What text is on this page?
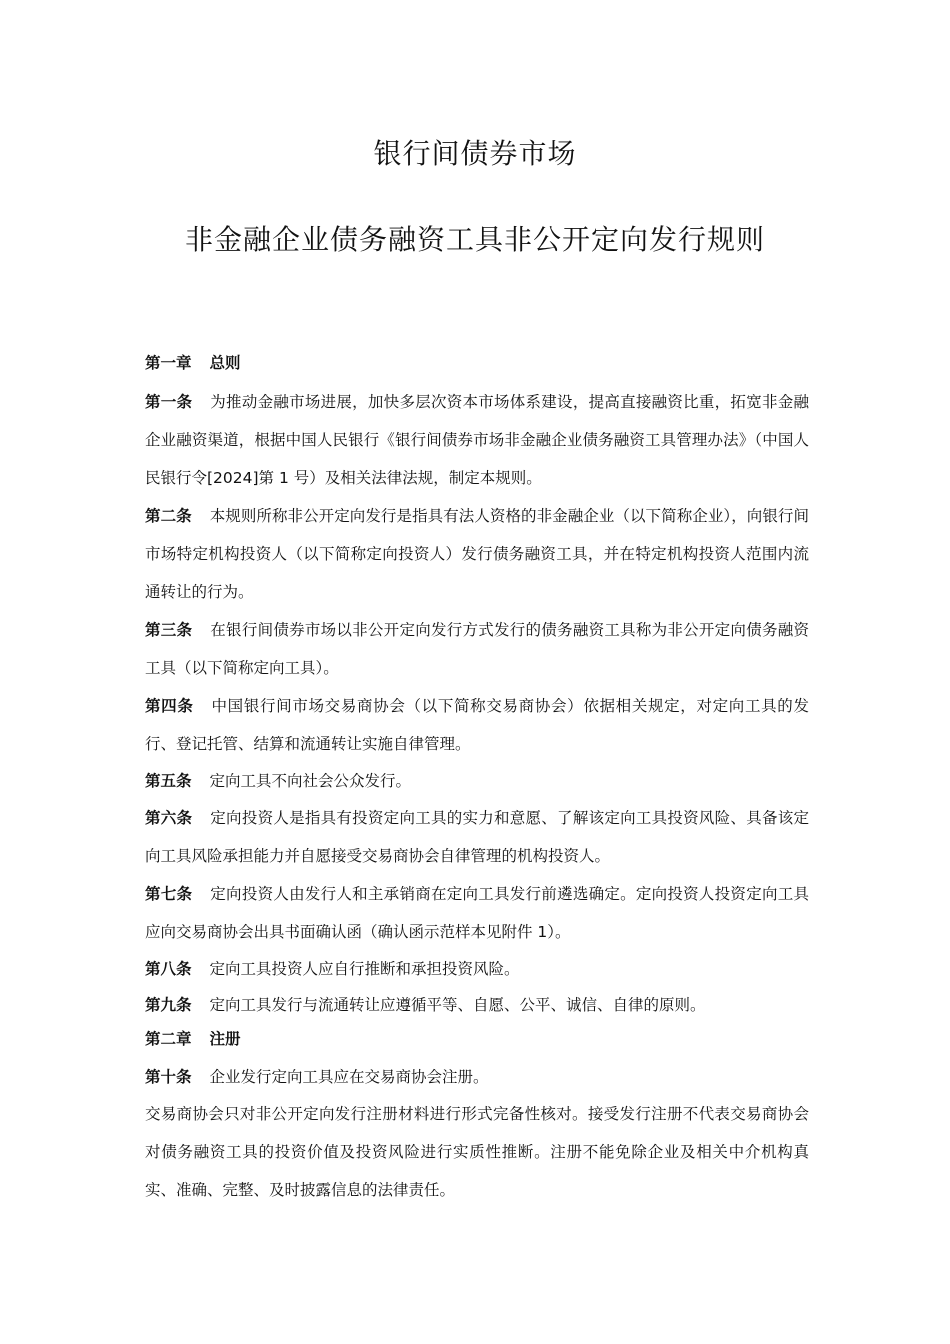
银行间债券市场
非金融企业债务融资工具非公开定向发行规则

第一章 总则

第一条 为推动金融市场进展，加快多层次资本市场体系建设，提高直接融资比重，拓宽非金融企业融资渠道，根据中国人民银行《银行间债券市场非金融企业债务融资工具管理办法》（中国人民银行令[2024]第 1 号）及相关法律法规，制定本规则。

第二条 本规则所称非公开定向发行是指具有法人资格的非金融企业（以下简称企业），向银行间市场特定机构投资人（以下简称定向投资人）发行债务融资工具，并在特定机构投资人范围内流通转让的行为。

第三条 在银行间债券市场以非公开定向发行方式发行的债务融资工具称为非公开定向债务融资工具（以下简称定向工具）。

第四条 中国银行间市场交易商协会（以下简称交易商协会）依据相关规定，对定向工具的发行、登记托管、结算和流通转让实施自律管理。

第五条 定向工具不向社会公众发行。

第六条 定向投资人是指具有投资定向工具的实力和意愿、了解该定向工具投资风险、具备该定向工具风险承担能力并自愿接受交易商协会自律管理的机构投资人。

第七条 定向投资人由发行人和主承销商在定向工具发行前遴选确定。定向投资人投资定向工具应向交易商协会出具书面确认函（确认函示范样本见附件 1）。

第八条 定向工具投资人应自行推断和承担投资风险。

第九条 定向工具发行与流通转让应遵循平等、自愿、公平、诚信、自律的原则。

第二章 注册

第十条 企业发行定向工具应在交易商协会注册。

交易商协会只对非公开定向发行注册材料进行形式完备性核对。接受发行注册不代表交易商协会对债务融资工具的投资价值及投资风险进行实质性推断。注册不能免除企业及相关中介机构真实、准确、完整、及时披露信息的法律责任。
